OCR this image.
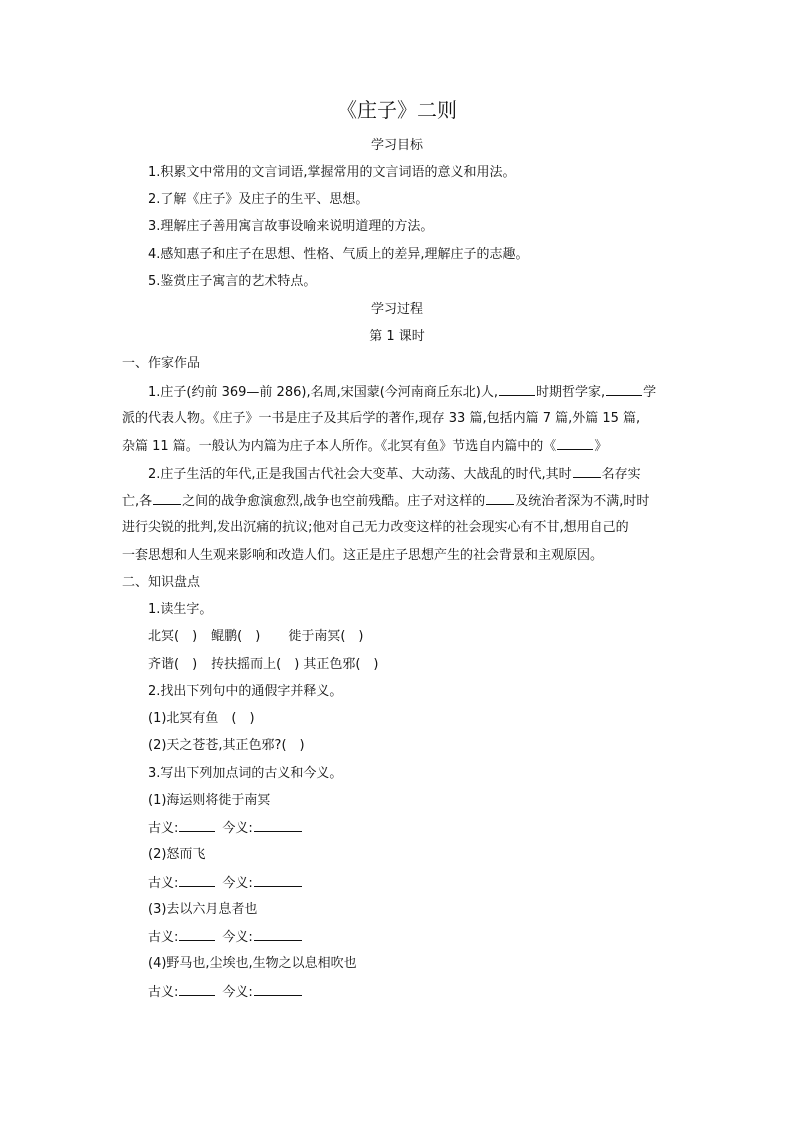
《庄子》二则
学习目标
1.积累文中常用的文言词语,掌握常用的文言词语的意义和用法。
2.了解《庄子》及庄子的生平、思想。
3.理解庄子善用寓言故事设喻来说明道理的方法。
4.感知惠子和庄子在思想、性格、气质上的差异,理解庄子的志趣。
5.鉴赏庄子寓言的艺术特点。
学习过程
第 1 课时
一、作家作品
1.庄子(约前 369—前 286),名周,宋国蒙(今河南商丘东北)人,	时期哲学家,	学
派的代表人物。《庄子》一书是庄子及其后学的著作,现存 33 篇,包括内篇 7 篇,外篇 15 篇,
杂篇 11 篇。一般认为内篇为庄子本人所作。《北冥有鱼》节选自内篇中的《	》
2.庄子生活的年代,正是我国古代社会大变革、大动荡、大战乱的时代,其时 名存实
亡,各 之间的战争愈演愈烈,战争也空前残酷。庄子对这样的 及统治者深为不满,时时
进行尖锐的批判,发出沉痛的抗议;他对自己无力改变这样的社会现实心有不甘,想用自己的
一套思想和人生观来影响和改造人们。这正是庄子思想产生的社会背景和主观原因。
二、知识盘点
1.读生字。
北冥(　) 鲲鹏(　) 徙于南冥(　)
齐谐(　) 抟扶摇而上(　) 其正色邪(　)
2.找出下列句中的通假字并释义。
(1)北冥有鱼　(　)
(2)天之苍苍,其正色邪?(　)
3.写出下列加点词的古义和今义。
(1)海运则将徙于南冥
古义:	今义:
(2)怒而飞
古义:	今义:
(3)去以六月息者也
古义:	今义:
(4)野马也,尘埃也,生物之以息相吹也
古义:	今义:
